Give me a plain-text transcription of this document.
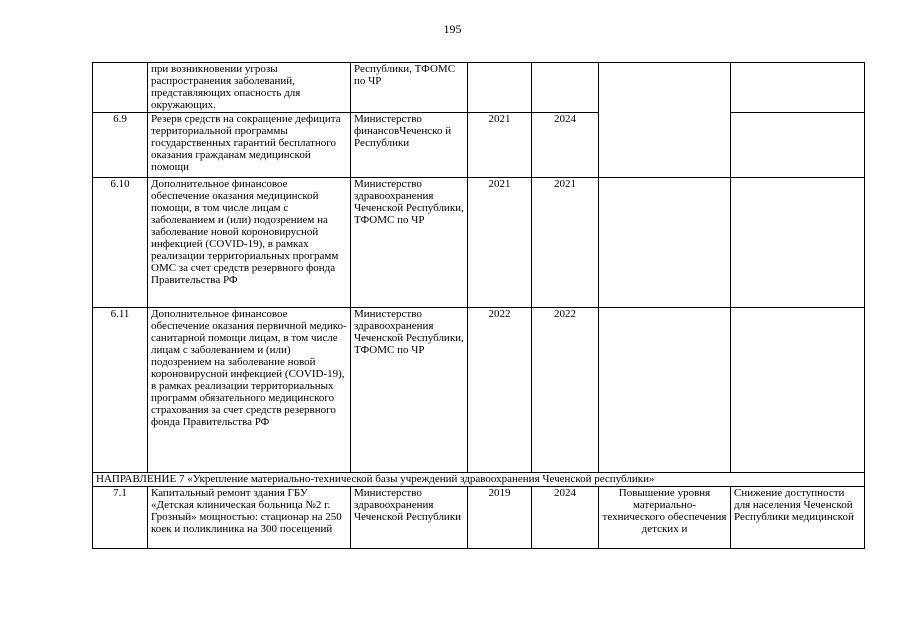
195
	при возникновении угрозы распространения заболеваний, представляющих опасность для окружающих.	Республики, ТФОМС по ЧР				
6.9	Резерв средств на сокращение дефицита территориальной программы государственных гарантий бесплатного оказания гражданам медицинской помощи	Министерство финансовЧеченско й Республики	2021	2024		
6.10	Дополнительное финансовое обеспечение оказания медицинской помощи, в том числе лицам с заболеванием и (или) подозрением на заболевание новой короновирусной инфекцией (COVID-19), в рамках реализации территориальных программ ОМС за счет средств резервного фонда Правительства РФ	Министерство здравоохранения Чеченской Республики, ТФОМС по ЧР	2021	2021		
6.11	Дополнительное финансовое обеспечение оказания первичной медико-санитарной помощи лицам, в том числе лицам с заболеванием и (или) подозрением на заболевание новой короновирусной инфекцией (COVID-19), в рамках реализации территориальных программ обязательного медицинского страхования за счет средств резервного фонда Правительства РФ	Министерство здравоохранения Чеченской Республики, ТФОМС по ЧР	2022	2022		
НАПРАВЛЕНИЕ 7 «Укрепление материально-технической базы учреждений здравоохранения Чеченской республики»						
7.1	Капитальный ремонт здания ГБУ «Детская клиническая больница №2 г. Грозный» мощностью: стационар на 250 коек и поликлиника на 300 посещений	Министерство здравоохранения Чеченской Республики	2019	2024	Повышение уровня материально-технического обеспечения детских и	Снижение доступности для населения Чеченской Республики медицинской
